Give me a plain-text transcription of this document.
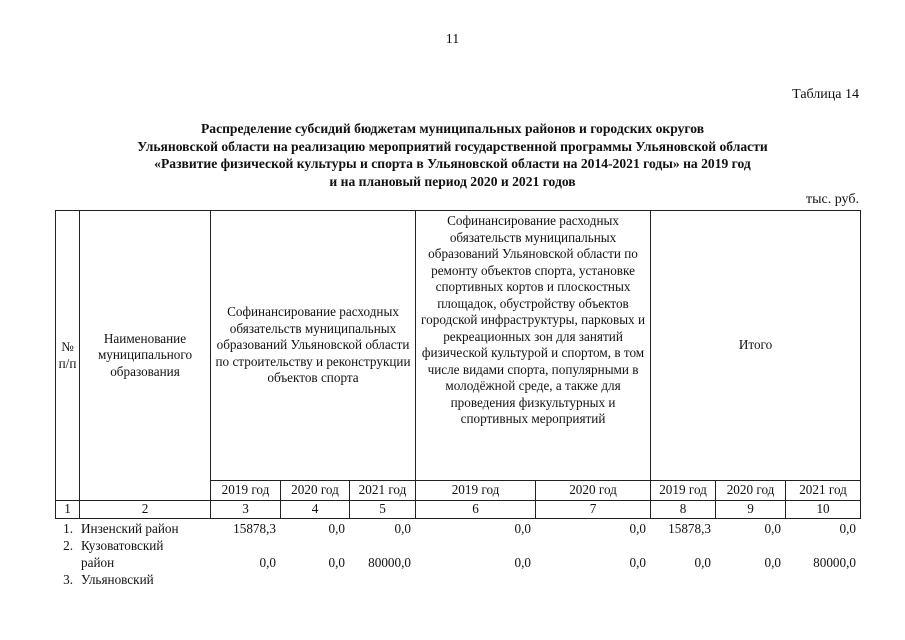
11
Таблица 14
Распределение субсидий бюджетам муниципальных районов и городских округов
Ульяновской области на реализацию мероприятий государственной программы Ульяновской области
«Развитие физической культуры и спорта в Ульяновской области на 2014-2021 годы» на 2019 год
и на плановый период 2020 и 2021 годов
тыс. руб.
№ п/п	Наименование муниципального образования	Софинансирование расходных обязательств муниципальных образований Ульяновской области по строительству и реконструкции объектов спорта			Софинансирование расходных обязательств муниципальных образований Ульяновской области по ремонту объектов спорта, установке спортивных кортов и плоскостных площадок, обустройству объектов городской инфраструктуры, парковых и рекреационных зон для занятий физической культурой и спортом, в том числе видами спорта, популярными в молодёжной среде, а также для проведения физкультурных и спортивных мероприятий		Итого		
		2019 год	2020 год	2021 год	2019 год	2020 год	2019 год	2020 год	2021 год
1	2	3	4	5	6	7	8	9	10
1.	Инзенский район	15878,3	0,0	0,0	0,0	0,0	15878,3	0,0	0,0
2.	Кузоватовский								
	район	0,0	0,0	80000,0	0,0	0,0	0,0	0,0	80000,0
3.	Ульяновский								
